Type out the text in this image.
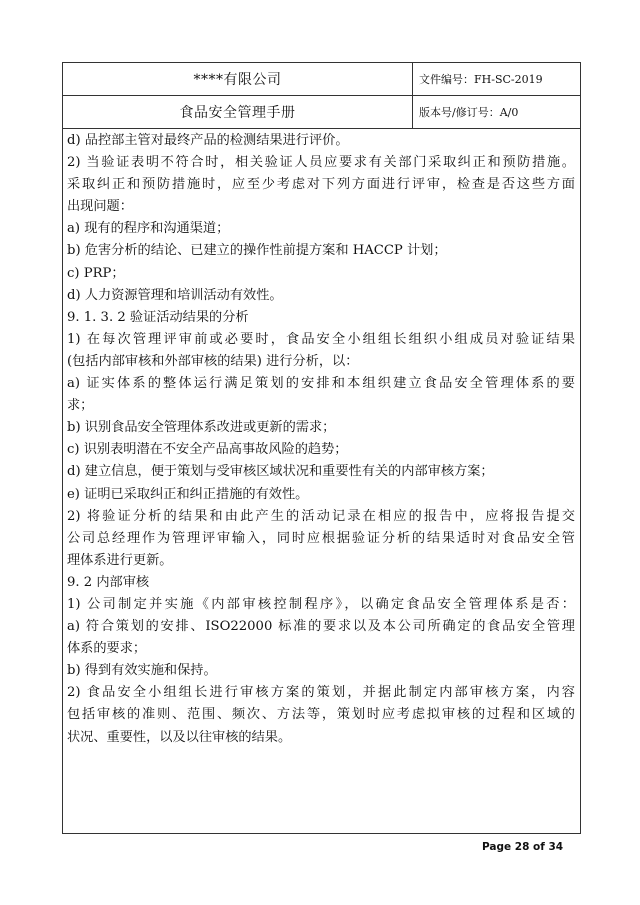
****有限公司	文件编号：FH-SC-2019
食品安全管理手册	版本号/修订号：A/0
d) 品控部主管对最终产品的检测结果进行评价。
2) 当验证表明不符合时，相关验证人员应要求有关部门采取纠正和预防措施。
采取纠正和预防措施时，应至少考虑对下列方面进行评审，检查是否这些方面
出现问题：
a) 现有的程序和沟通渠道；
b) 危害分析的结论、已建立的操作性前提方案和 HACCP 计划；
c) PRP；
d) 人力资源管理和培训活动有效性。
9. 1. 3. 2 验证活动结果的分析
1) 在每次管理评审前或必要时，食品安全小组组长组织小组成员对验证结果
(包括内部审核和外部审核的结果) 进行分析，以：
a) 证实体系的整体运行满足策划的安排和本组织建立食品安全管理体系的要
求；
b) 识别食品安全管理体系改进或更新的需求；
c) 识别表明潜在不安全产品高事故风险的趋势；
d) 建立信息，便于策划与受审核区域状况和重要性有关的内部审核方案；
e) 证明已采取纠正和纠正措施的有效性。
2) 将验证分析的结果和由此产生的活动记录在相应的报告中，应将报告提交
公司总经理作为管理评审输入，同时应根据验证分析的结果适时对食品安全管
理体系进行更新。
9. 2 内部审核
1) 公司制定并实施《内部审核控制程序》，以确定食品安全管理体系是否：
a) 符合策划的安排、ISO22000 标准的要求以及本公司所确定的食品安全管理
体系的要求；
b) 得到有效实施和保持。
2) 食品安全小组组长进行审核方案的策划，并据此制定内部审核方案，内容
包括审核的准则、范围、频次、方法等，策划时应考虑拟审核的过程和区域的
状况、重要性，以及以往审核的结果。
Page 28 of 34
